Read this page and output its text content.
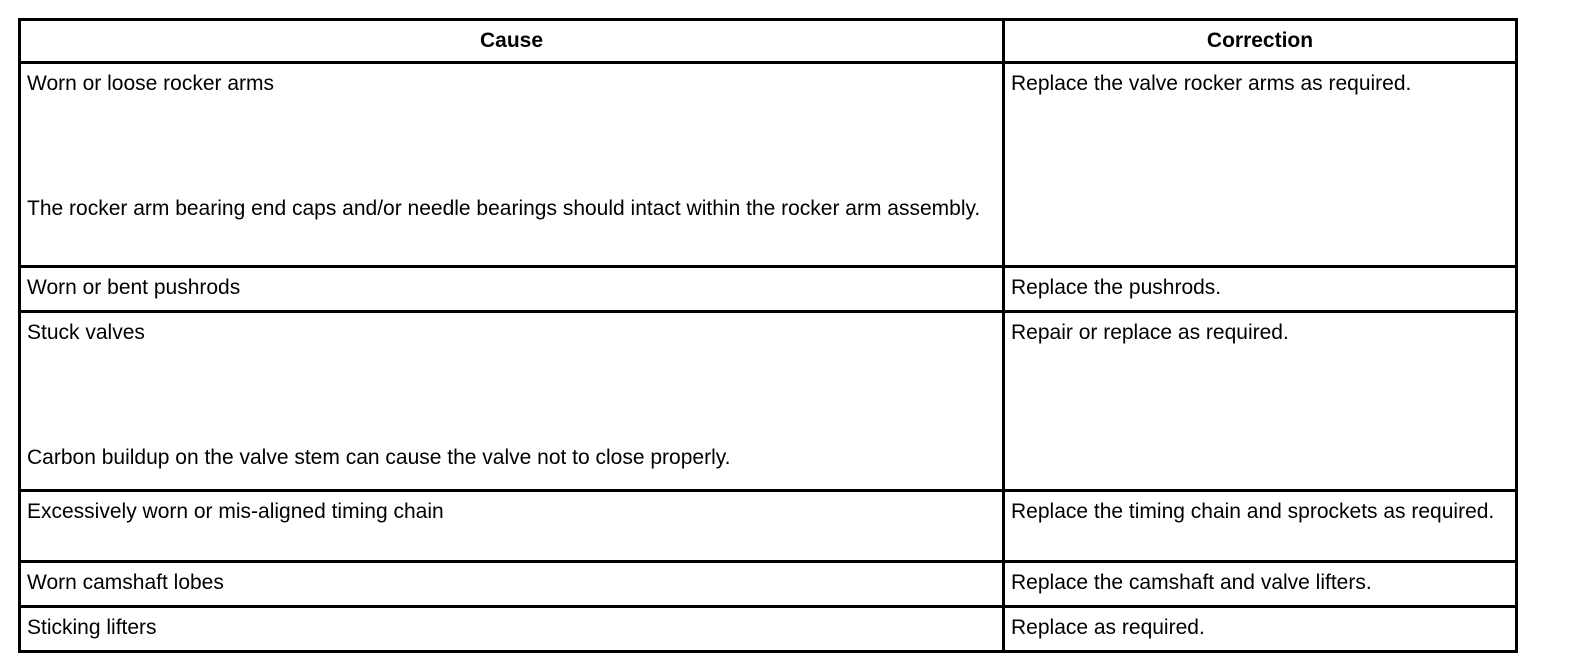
Cause	Correction

Worn or loose rocker arms
The rocker arm bearing end caps and/or needle bearings should intact within the rocker arm assembly.	Replace the valve rocker arms as required.

Worn or bent pushrods	Replace the pushrods.

Stuck valves
Carbon buildup on the valve stem can cause the valve not to close properly.	Repair or replace as required.

Excessively worn or mis-aligned timing chain	Replace the timing chain and sprockets as required.

Worn camshaft lobes	Replace the camshaft and valve lifters.

Sticking lifters	Replace as required.
